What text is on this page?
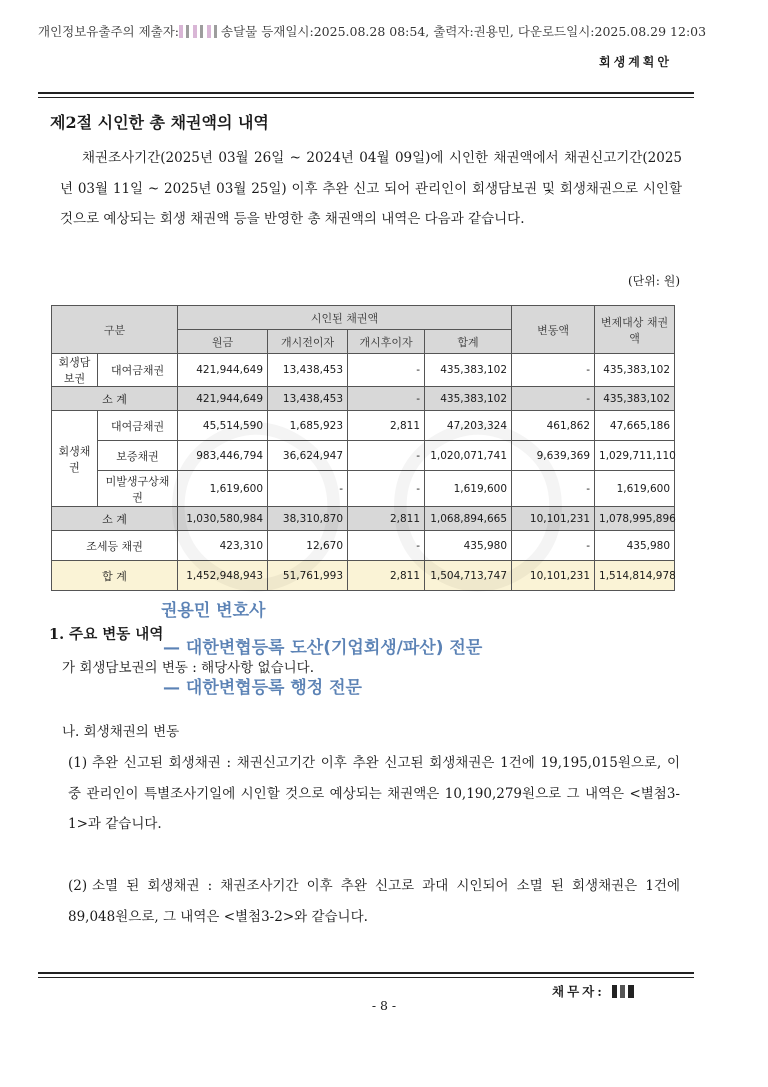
개인정보유출주의 제출자:	송달물 등재일시:2025.08.28 08:54, 출력자:권용민, 다운로드일시:2025.08.29 12:03
회생계획안
제2절 시인한 총 채권액의 내역
채권조사기간(2025년 03월 26일 ~ 2024년 04월 09일)에 시인한 채권액에서 채권신고기간(2025년 03월 11일 ~ 2025년 03월 25일) 이후 추완 신고 되어 관리인이 회생담보권 및 회생채권으로 시인할 것으로 예상되는 회생 채권액 등을 반영한 총 채권액의 내역은 다음과 같습니다.
(단위: 원)
구분		시인된 채권액				변동액	변제대상 채권액
		원금	개시전이자	개시후이자	합계		
회생담보권	대여금채권	421,944,649	13,438,453	-	435,383,102	-	435,383,102
소 계		421,944,649	13,438,453	-	435,383,102	-	435,383,102
회생채권	대여금채권	45,514,590	1,685,923	2,811	47,203,324	461,862	47,665,186
	보증채권	983,446,794	36,624,947	-	1,020,071,741	9,639,369	1,029,711,110
	미발생구상채권	1,619,600	-	-	1,619,600	-	1,619,600
소 계		1,030,580,984	38,310,870	2,811	1,068,894,665	10,101,231	1,078,995,896
조세등 채권		423,310	12,670	-	435,980	-	435,980
합 계		1,452,948,943	51,761,993	2,811	1,504,713,747	10,101,231	1,514,814,978
1. 주요 변동 내역
권용민 변호사
— 대한변협등록 도산(기업회생/파산) 전문
— 대한변협등록 행정 전문
가 회생담보권의 변동 : 해당사항 없습니다.
나. 회생채권의 변동
(1) 추완 신고된 회생채권 : 채권신고기간 이후 추완 신고된 회생채권은 1건에 19,195,015원으로, 이 중 관리인이 특별조사기일에 시인할 것으로 예상되는 채권액은 10,190,279원으로 그 내역은 <별첨3-1>과 같습니다.
(2) 소멸 된 회생채권 : 채권조사기간 이후 추완 신고로 과대 시인되어 소멸 된 회생채권은 1건에 89,048원으로, 그 내역은 <별첨3-2>와 같습니다.
채무자:
- 8 -
